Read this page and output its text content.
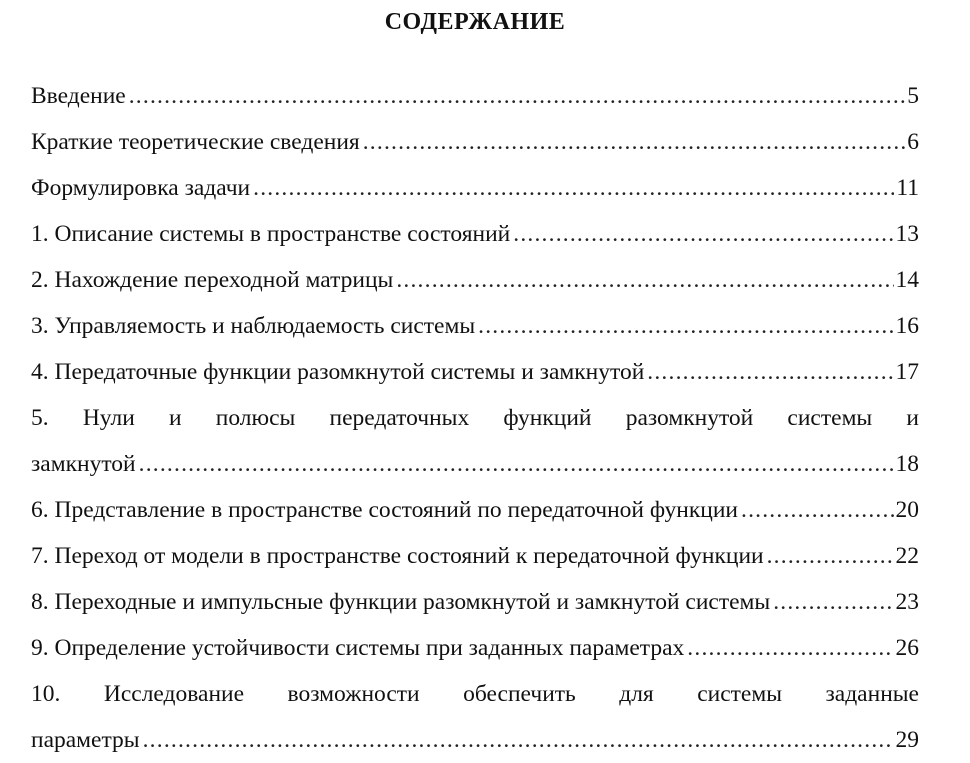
СОДЕРЖАНИЕ
Введение .....	5
Краткие теоретические сведения .....	6
Формулировка задачи .....	11
1. Описание системы в пространстве состояний .....	13
2. Нахождение переходной матрицы .....	14
3. Управляемость и наблюдаемость системы .....	16
4. Передаточные функции разомкнутой системы и замкнутой .....	17
5. Нули и полюсы передаточных функций разомкнутой системы и
замкнутой .....	18
6. Представление в пространстве состояний по передаточной функции .....	20
7. Переход от модели в пространстве состояний к передаточной функции .....	22
8. Переходные и импульсные функции разомкнутой и замкнутой системы .....	23
9. Определение устойчивости системы при заданных параметрах .....	26
10. Исследование возможности обеспечить для системы заданные
параметры .....	29
